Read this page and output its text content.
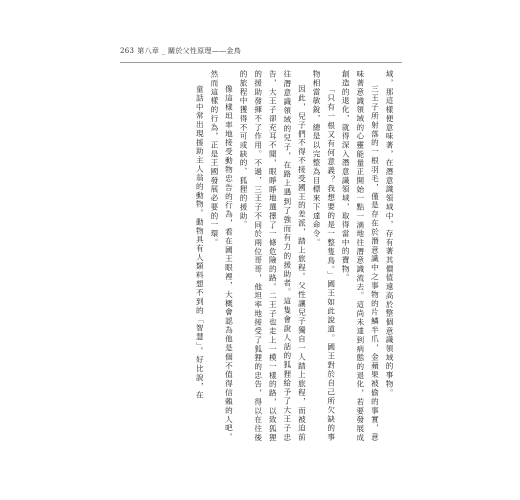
263 第八章 _ 關於父性原理——金鳥

域，那這樣便意味著，在潛意識領域中，存有著其價值遠高於整個意識領域的事物。

三王子所射落的一根羽毛，僅是存在於潛意識中之事物的片鱗半爪，金蘋果被偷的事實，意味著意識領域的心靈能量正開始一點一滴地往潛意識流去。這尚未達到病態的退化，若要發展成創造的退化，就得深入潛意識領域，取得當中的寶物。

「只有一根又有何意義？我想要的是一整隻鳥。」國王如此說道。國王對於自己所欠缺的事物相當敏銳，總是以完整為目標來下達命令。

因此，兒子們不得不接受國王的差派，踏上旅程。父性讓兒子獨自一人踏上旅程，而被迫前往潛意識領域的兒子，在路上遇到了強而有力的援助者。這隻會說人話的狐狸給予了大王子忠告，大王子卻充耳不聞，眼睜睜地選擇了一條危險的路。二王子也走上一模一樣的路，以致狐狸的援助發揮不了作用。不過，三王子不同於兩位哥哥，他坦率地接受了狐狸的忠告，得以在往後的旅程中獲得不可或缺的、狐狸的援助。

像這樣坦率地接受動物忠告的行為，看在國王眼裡，大概會認為他是個不值得信賴的人吧。然而這樣的行為，正是王國發展必要的一環。

童話中常出現援助主人翁的動物。動物具有人類料想不到的「智慧」。好比說，在
